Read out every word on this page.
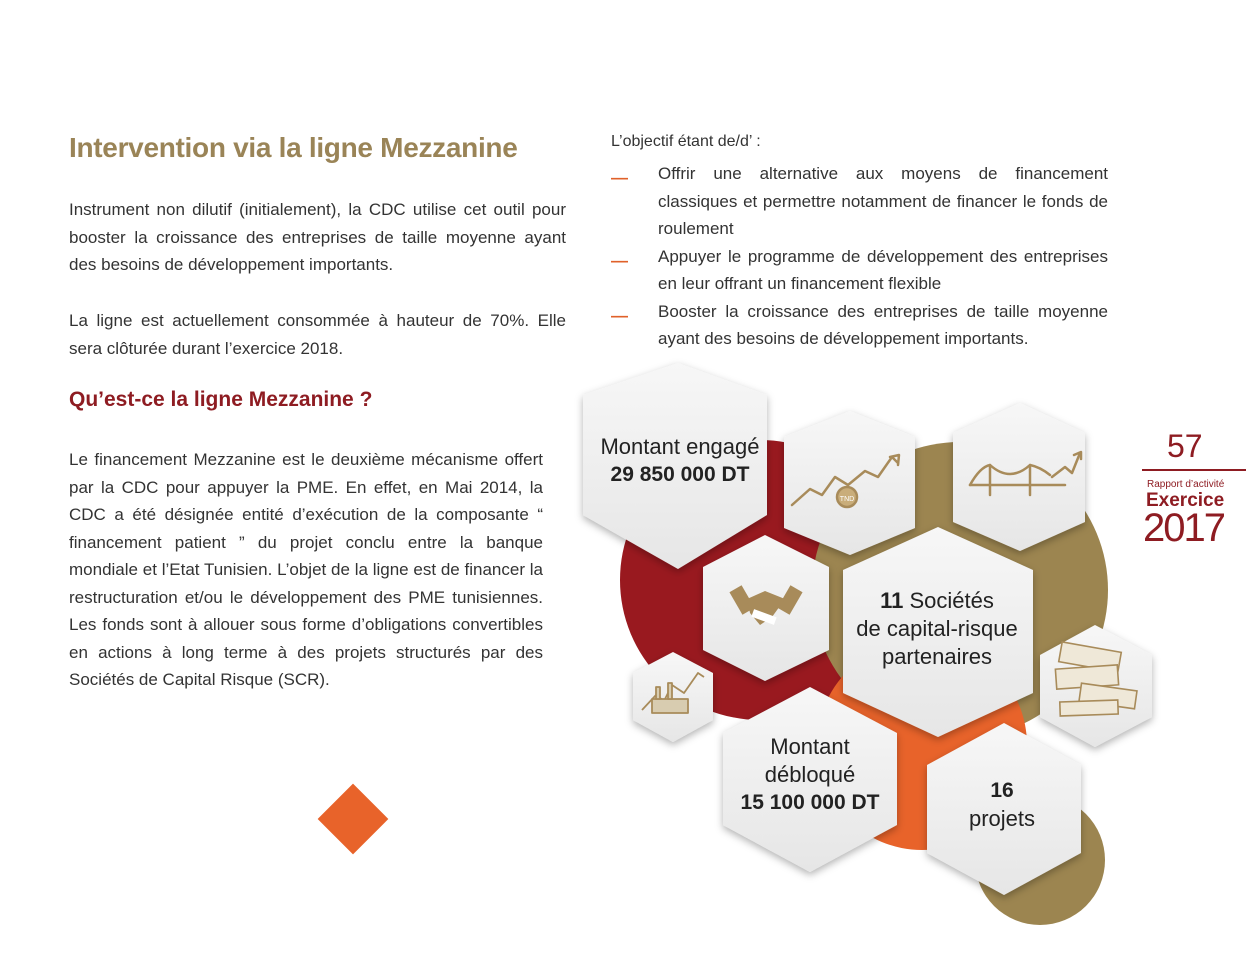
Intervention via la ligne Mezzanine

Instrument non dilutif (initialement), la CDC utilise cet outil pour booster la croissance des entreprises de taille moyenne ayant des besoins de développement importants.

La ligne est actuellement consommée à hauteur de 70%. Elle sera clôturée durant l’exercice 2018.

Qu’est-ce la ligne Mezzanine ?

Le financement Mezzanine est le deuxième mécanisme offert par la CDC pour appuyer la PME. En effet, en Mai 2014, la CDC a été désignée entité d’exécution de la composante “ financement patient ” du projet conclu entre la banque mondiale et l’Etat Tunisien. L’objet de la ligne est de financer la restructuration et/ou le développement des PME tunisiennes. Les fonds sont à allouer sous forme d’obligations convertibles en actions à long terme à des projets structurés par des Sociétés de Capital Risque (SCR).

L’objectif étant de/d’ :
— Offrir une alternative aux moyens de financement classiques et permettre notamment de financer le fonds de roulement
— Appuyer le programme de développement des entreprises en leur offrant un financement flexible
— Booster la croissance des entreprises de taille moyenne ayant des besoins de développement importants.
TND
Montant engagé
29 850 000 DT
11 Sociétés
de capital-risque
partenaires
Montant
débloqué
15 100 000 DT
16
projets
57
Rapport d’activité
Exercice
2017
